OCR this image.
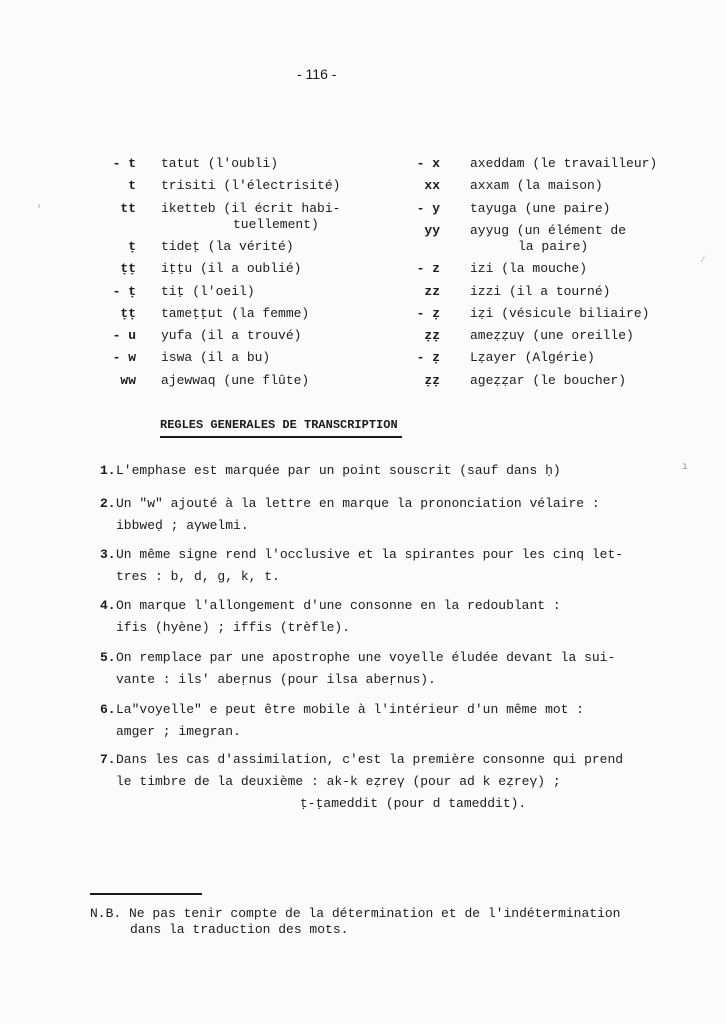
- 116 -
- t tatut (l'oubli)
t trisiti (l'électrisité)
tt iketteb (il écrit habi-
tuellement)
ṭ tideṭ (la vérité)
ṭṭ iṭṭu (il a oublié)
- ṭ tiṭ (l'oeil)
ṭṭ tameṭṭut (la femme)
- u yufa (il a trouvé)
- w iswa (il a bu)
ww ajewwaq (une flûte)
- x axeddam (le travailleur)
xx axxam (la maison)
- y tayuga (une paire)
yy ayyug (un élément de
la paire)
- z izi (la mouche)
zz izzi (il a tourné)
- ẓ iẓi (vésicule biliaire)
ẓẓ ameẓẓuγ (une oreille)
- ẓ Lẓayer (Algérie)
ẓẓ ageẓẓar (le boucher)
REGLES GENERALES DE TRANSCRIPTION
1. L'emphase est marquée par un point souscrit (sauf dans ḥ)
2. Un "w" ajouté à la lettre en marque la prononciation vélaire :
ibbweḍ ; aγwelmi.
3. Un même signe rend l'occlusive et la spirantes pour les cinq let-
tres : b, d, g, k, t.
4. On marque l'allongement d'une consonne en la redoublant :
ifis (hyène) ; iffis (trèfle).
5. On remplace par une apostrophe une voyelle éludée devant la sui-
vante : ils' abeṛnus (pour ilsa abeṛnus).
6. La"voyelle" e peut être mobile à l'intérieur d'un même mot :
amger ; imegran.
7. Dans les cas d'assimilation, c'est la première consonne qui prend
le timbre de la deuxième : ak-k eẓreγ (pour ad k eẓreγ) ;
ṭ-ṭameddit (pour d tameddit).
N.B. Ne pas tenir compte de la détermination et de l'indétermination
dans la traduction des mots.
⁄
ı
'
